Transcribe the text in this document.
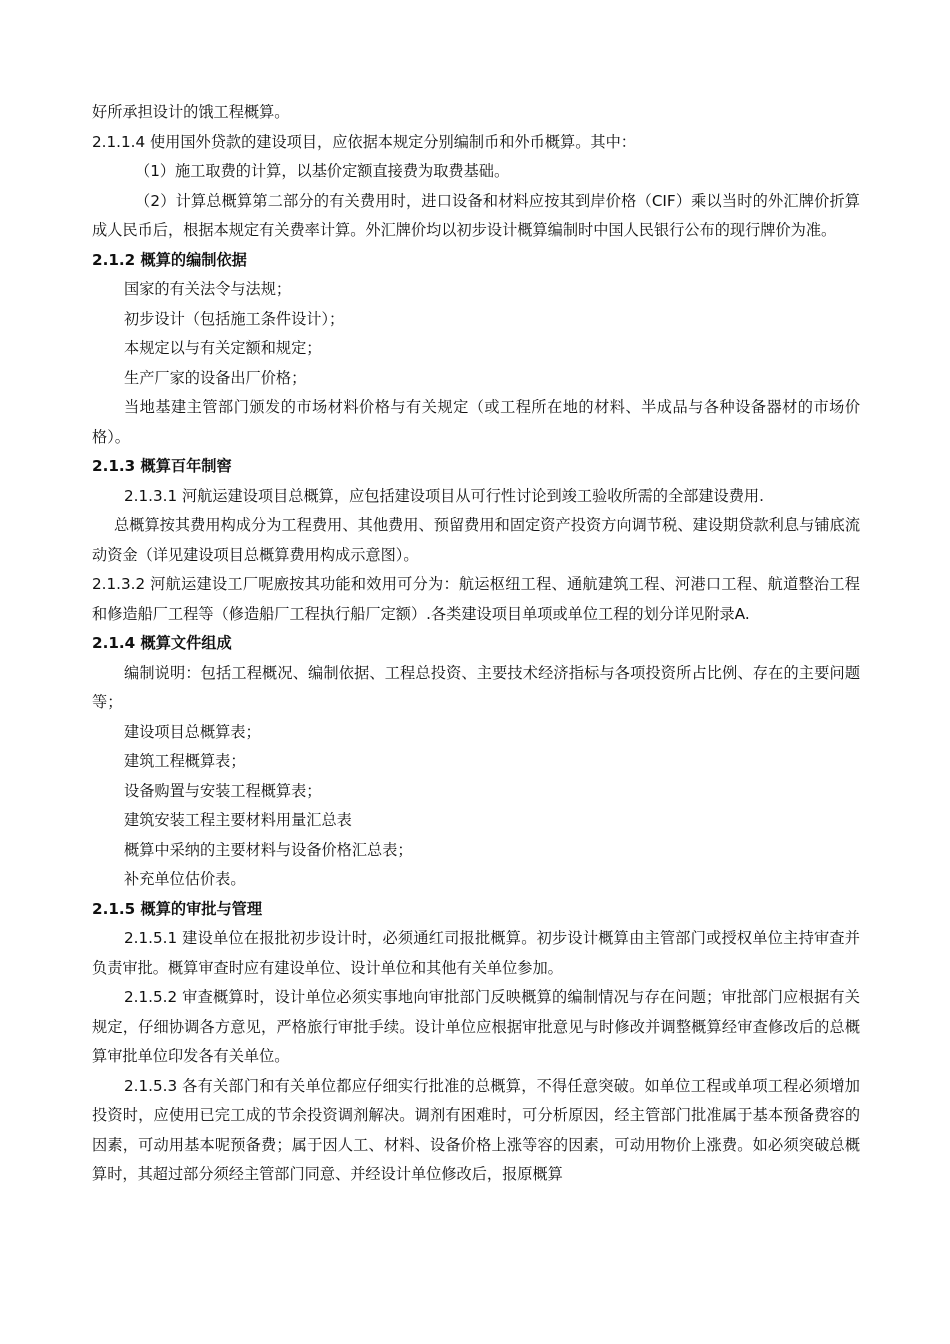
好所承担设计的饿工程概算。

2.1.1.4 使用国外贷款的建设项目，应依据本规定分别编制币和外币概算。其中：

（1）施工取费的计算，以基价定额直接费为取费基础。

（2）计算总概算第二部分的有关费用时，进口设备和材料应按其到岸价格（CIF）乘以当时的外汇牌价折算成人民币后，根据本规定有关费率计算。外汇牌价均以初步设计概算编制时中国人民银行公布的现行牌价为准。

2.1.2 概算的编制依据

国家的有关法令与法规；

初步设计（包括施工条件设计）；

本规定以与有关定额和规定；

生产厂家的设备出厂价格；

当地基建主管部门颁发的市场材料价格与有关规定（或工程所在地的材料、半成品与各种设备器材的市场价格）。

2.1.3 概算百年制窖

2.1.3.1 河航运建设项目总概算，应包括建设项目从可行性讨论到竣工验收所需的全部建设费用.

总概算按其费用构成分为工程费用、其他费用、预留费用和固定资产投资方向调节税、建设期贷款利息与铺底流动资金（详见建设项目总概算费用构成示意图）。

2.1.3.2 河航运建设工厂呢廒按其功能和效用可分为：航运枢纽工程、通航建筑工程、河港口工程、航道整治工程和修造船厂工程等（修造船厂工程执行船厂定额）.各类建设项目单项或单位工程的划分详见附录A.

2.1.4 概算文件组成

编制说明：包括工程概况、编制依据、工程总投资、主要技术经济指标与各项投资所占比例、存在的主要问题等；

建设项目总概算表；

建筑工程概算表；

设备购置与安装工程概算表；

建筑安装工程主要材料用量汇总表

概算中采纳的主要材料与设备价格汇总表；

补充单位估价表。

2.1.5 概算的审批与管理

2.1.5.1 建设单位在报批初步设计时，必须通红司报批概算。初步设计概算由主管部门或授权单位主持审查并负责审批。概算审查时应有建设单位、设计单位和其他有关单位参加。

2.1.5.2 审查概算时，设计单位必须实事地向审批部门反映概算的编制情况与存在问题；审批部门应根据有关规定，仔细协调各方意见，严格旅行审批手续。设计单位应根据审批意见与时修改并调整概算经审查修改后的总概算审批单位印发各有关单位。

2.1.5.3 各有关部门和有关单位都应仔细实行批准的总概算，不得任意突破。如单位工程或单项工程必须增加投资时，应使用已完工成的节余投资调剂解决。调剂有困难时，可分析原因，经主管部门批准属于基本预备费容的因素，可动用基本呢预备费；属于因人工、材料、设备价格上涨等容的因素，可动用物价上涨费。如必须突破总概算时，其超过部分须经主管部门同意、并经设计单位修改后，报原概算
